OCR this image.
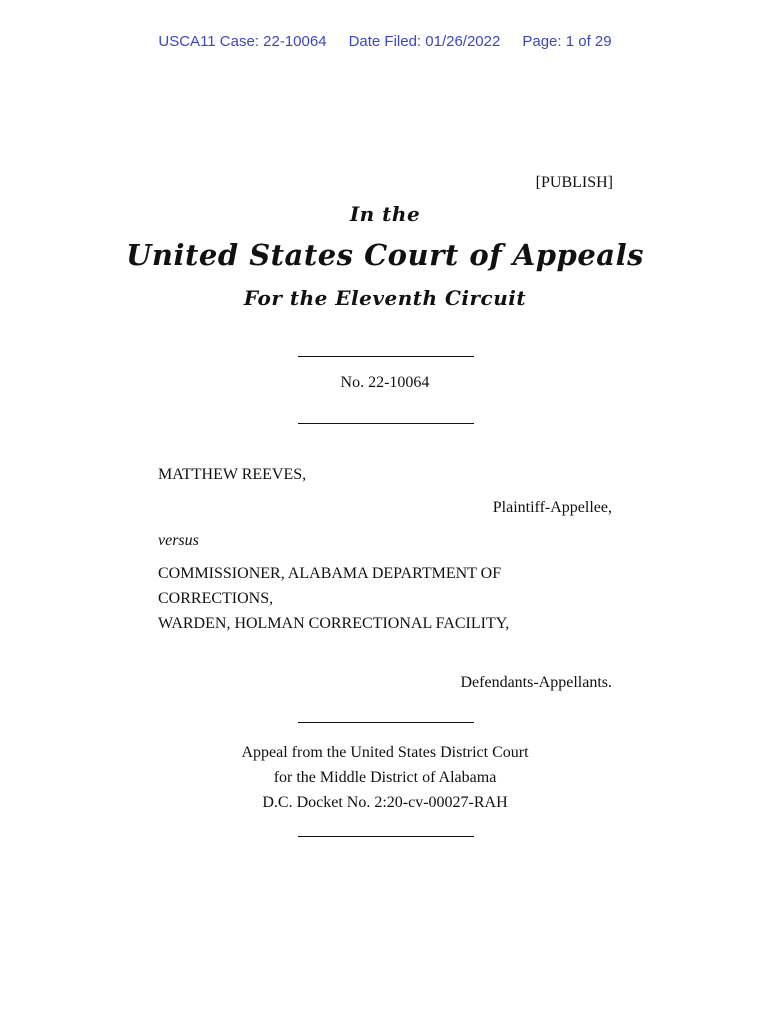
USCA11 Case: 22-10064 Date Filed: 01/26/2022 Page: 1 of 29
[PUBLISH]
In the
United States Court of Appeals
For the Eleventh Circuit
No. 22-10064
MATTHEW REEVES,
Plaintiff-Appellee,
versus
COMMISSIONER, ALABAMA DEPARTMENT OF
CORRECTIONS,
WARDEN, HOLMAN CORRECTIONAL FACILITY,
Defendants-Appellants.
Appeal from the United States District Court
for the Middle District of Alabama
D.C. Docket No. 2:20-cv-00027-RAH
